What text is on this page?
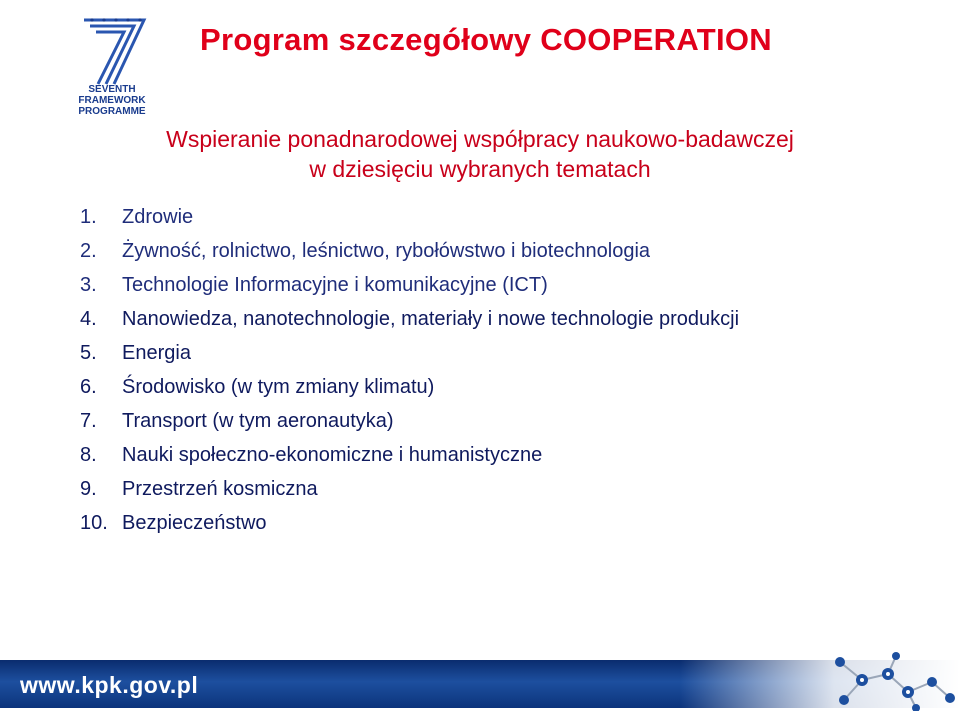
SEVENTH FRAMEWORK
PROGRAMME
Program szczegółowy COOPERATION
Wspieranie ponadnarodowej współpracy naukowo-badawczej
w dziesięciu wybranych tematach
1.	Zdrowie
2.	Żywność, rolnictwo, leśnictwo, rybołówstwo i biotechnologia
3.	Technologie Informacyjne i komunikacyjne (ICT)
4.	Nanowiedza, nanotechnologie, materiały i nowe technologie produkcji
5.	Energia
6.	Środowisko (w tym zmiany klimatu)
7.	Transport (w tym aeronautyka)
8.	Nauki społeczno-ekonomiczne i humanistyczne
9.	Przestrzeń kosmiczna
10. Bezpieczeństwo
www.kpk.gov.pl
